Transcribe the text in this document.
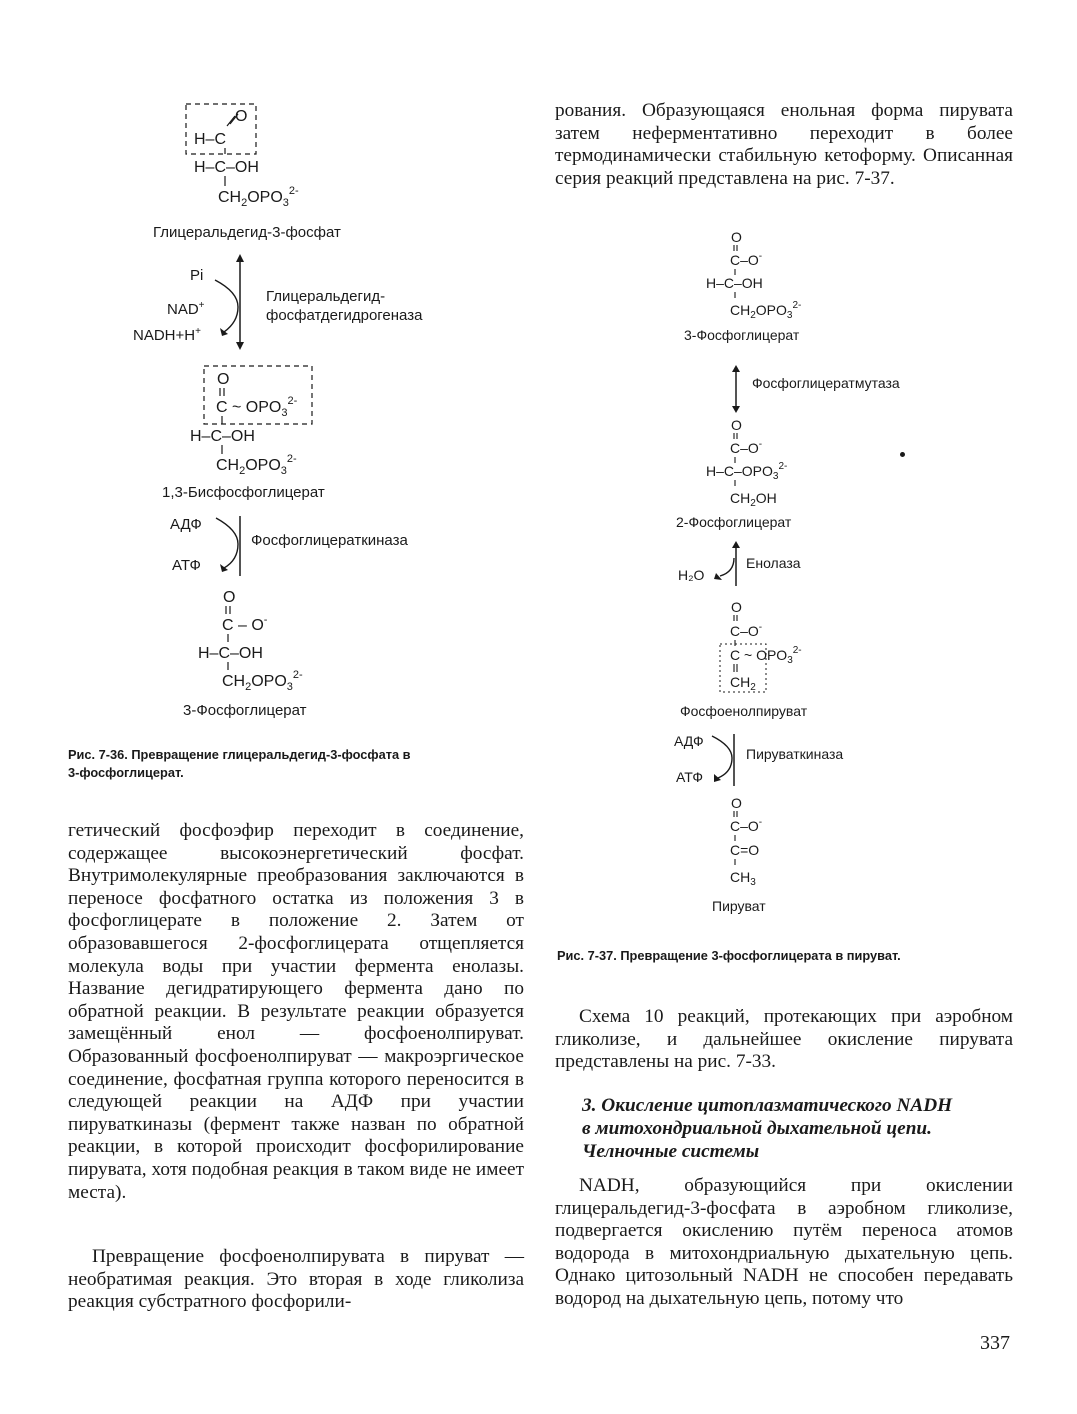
O
H–C
H–C–OH
$CH_2OPO_3^{2-}$
Глицеральдегид-3-фосфат
Pi
NAD+
NADH+H+
Глицеральдегид-
фосфатдегидрогеназа
O
C ~ $OPO_3^{2-}$
H–C–OH
$CH_2OPO_3^{2-}$
1,3-Бисфосфоглицерат
АДФ
АТФ
Фосфоглицераткиназа
O
C – O-
H–C–OH
$CH_2OPO_3^{2-}$
3-Фосфоглицерат
Рис. 7-36. Превращение глицеральдегид-3-фосфата в
3-фосфоглицерат.
рования. Образующаяся енольная форма пирувата затем неферментативно переходит в более термодинамически стабильную кетоформу. Описанная серия реакций представлена на рис. 7-37.
O
C–O-
H–C–OH
$CH_2OPO_3^{2-}$
3-Фосфоглицерат
Фосфоглицератмутаза
O
C–O-
$H-C-OPO_3^{2-}$
$CH_2OH$
2-Фосфоглицерат
H₂O
Енолаза
O
C–O-
C ~ $OPO_3^{2-}$
$CH_2$
Фосфоенолпируват
АДФ
АТФ
Пируваткиназа
O
C–O-
C=O
$CH_3$
Пируват
Рис. 7-37. Превращение 3-фосфоглицерата в пируват.
гетический фосфоэфир переходит в соединение, содержащее высокоэнергетический фосфат. Внутримолекулярные преобразования заключаются в переносе фосфатного остатка из положения 3 в фосфоглицерате в положение 2. Затем от образовавшегося 2-фосфоглицерата отщепляется молекула воды при участии фермента енолазы. Название дегидратирующего фермента дано по обратной реакции. В результате реакции образуется замещённый енол — фосфоенолпируват. Образованный фосфоенолпируват — макроэргическое соединение, фосфатная группа которого переносится в следующей реакции на АДФ при участии пируваткиназы (фермент также назван по обратной реакции, в которой происходит фосфорилирование пирувата, хотя подобная реакция в таком виде не имеет места).
Превращение фосфоенолпирувата в пируват — необратимая реакция. Это вторая в ходе гликолиза реакция субстратного фосфорили-
Схема 10 реакций, протекающих при аэробном гликолизе, и дальнейшее окисление пирувата представлены на рис. 7-33.
3. Окисление цитоплазматического NADH
в митохондриальной дыхательной цепи.
Челночные системы
NADH, образующийся при окислении глицеральдегид-3-фосфата в аэробном гликолизе, подвергается окислению путём переноса атомов водорода в митохондриальную дыхательную цепь. Однако цитозольный NADH не способен передавать водород на дыхательную цепь, потому что
337
